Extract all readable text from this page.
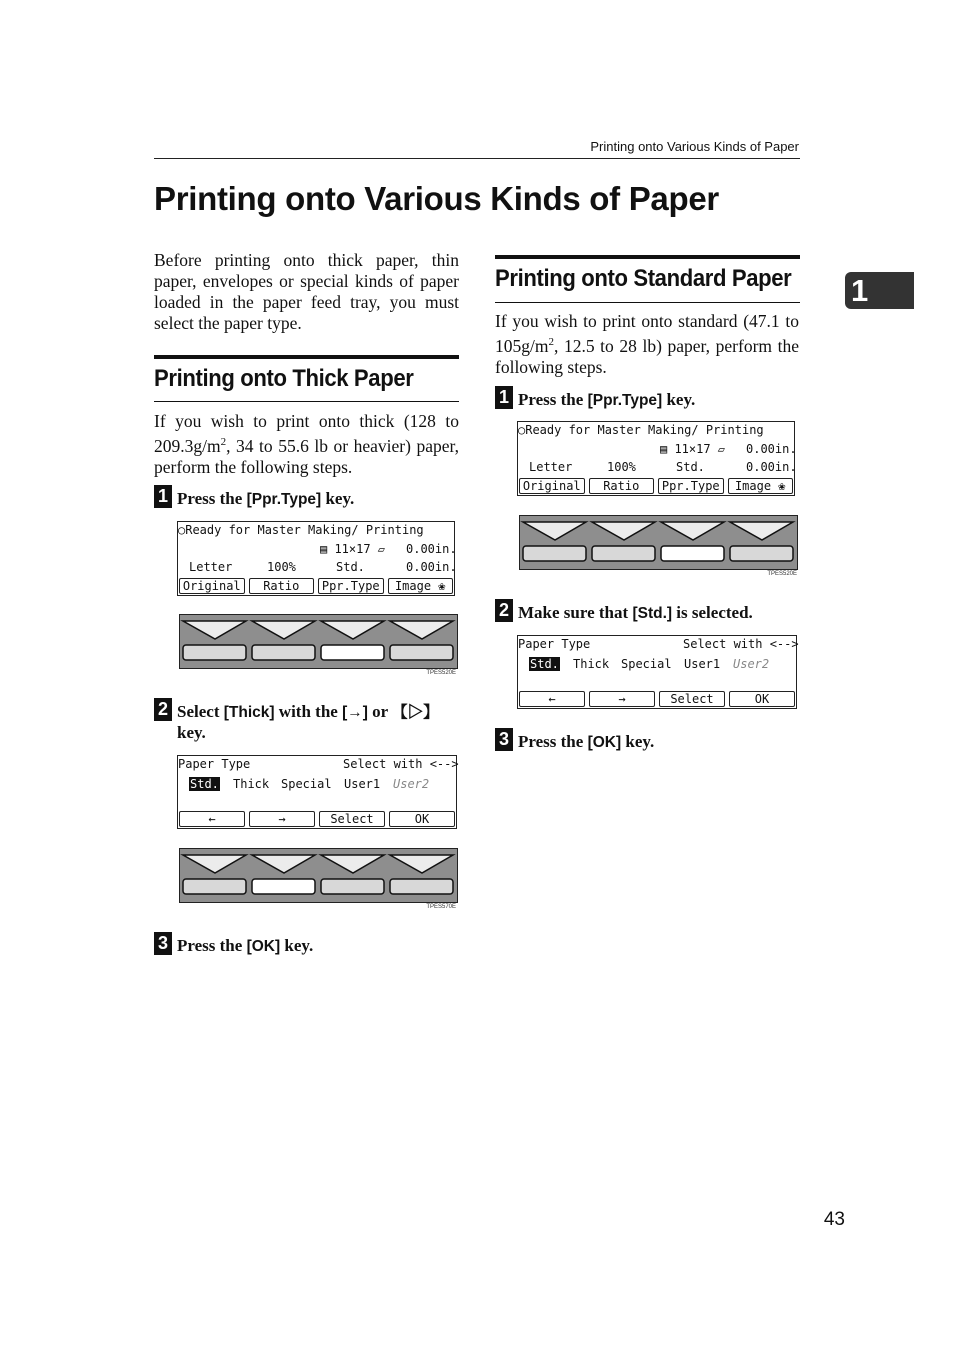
Printing onto Various Kinds of Paper
Printing onto Various Kinds of Paper
1

Before printing onto thick paper, thin paper, envelopes or special kinds of paper loaded in the paper feed tray, you must select the paper type.

Printing onto Thick Paper

If you wish to print onto thick (128 to $209.3g/m^2$, 34 to 55.6 lb or heavier) paper, perform the following steps.

1 Press the [Ppr.Type] key.
○Ready for Master Making/ Printing
▤ 11×17 ▱ 0.00in.
Letter	100%	Std.	0.00in.
Original	Ratio	Ppr.Type	Image ❀
TPES520E
2 Select [Thick] with the [→] or 【▷】
key.
Paper Type	Select with <-->
Std. Thick Special User1 User2
←	→	Select	OK
TPES570E
3 Press the [OK] key.
Printing onto Standard Paper

If you wish to print onto standard (47.1 to $105g/m^2$, 12.5 to 28 lb) paper, perform the following steps.

1 Press the [Ppr.Type] key.
○Ready for Master Making/ Printing
▤ 11×17 ▱ 0.00in.
Letter	100%	Std.	0.00in.
Original	Ratio	Ppr.Type	Image ❀
TPES520E
2 Make sure that [Std.] is selected.
Paper Type	Select with <-->
Std. Thick Special User1 User2
←	→	Select	OK
3 Press the [OK] key.
43
